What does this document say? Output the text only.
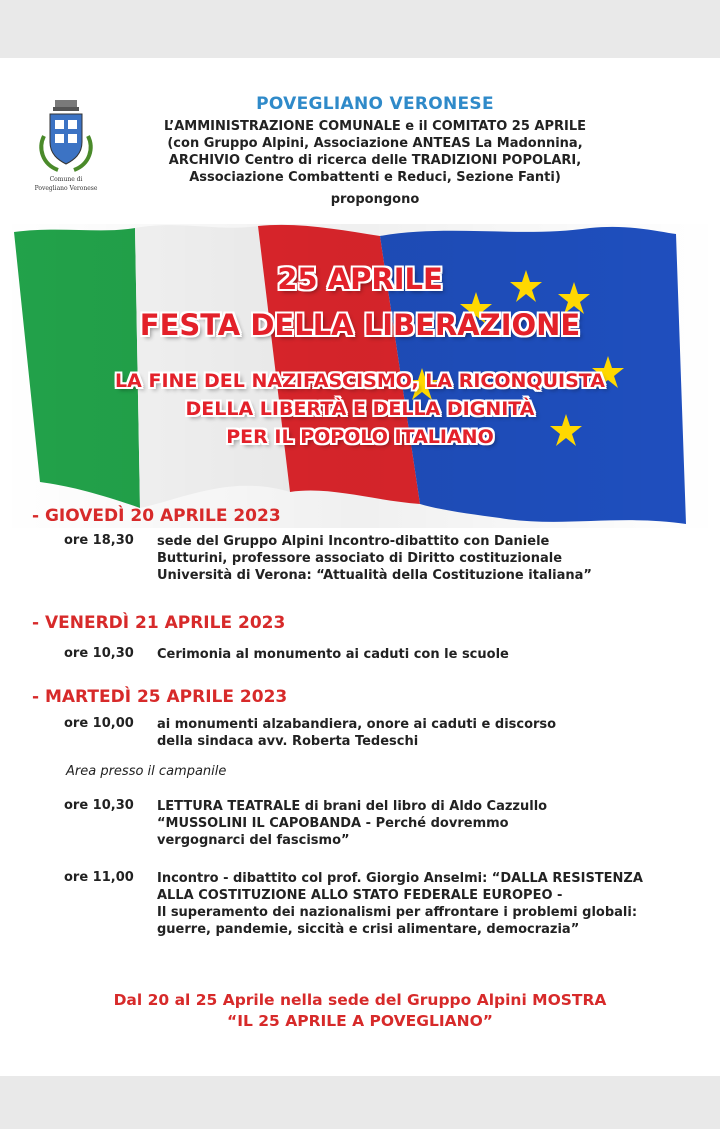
Comune di
Povegliano Veronese
POVEGLIANO VERONESE
L’AMMINISTRAZIONE COMUNALE e il COMITATO 25 APRILE
(con Gruppo Alpini, Associazione ANTEAS La Madonnina,
ARCHIVIO Centro di ricerca delle TRADIZIONI POPOLARI,
Associazione Combattenti e Reduci, Sezione Fanti)
propongono
25 APRILE
FESTA DELLA LIBERAZIONE
LA FINE DEL NAZIFASCISMO, LA RICONQUISTA
DELLA LIBERTÀ E DELLA DIGNITÀ
PER IL POPOLO ITALIANO
- GIOVEDÌ 20 APRILE 2023
ore 18,30 sede del Gruppo Alpini Incontro-dibattito con Daniele
Butturini, professore associato di Diritto costituzionale
Università di Verona: “Attualità della Costituzione italiana”
- VENERDÌ 21 APRILE 2023
ore 10,30 Cerimonia al monumento ai caduti con le scuole
- MARTEDÌ 25 APRILE 2023
ore 10,00 ai monumenti alzabandiera, onore ai caduti e discorso
della sindaca avv. Roberta Tedeschi
Area presso il campanile
ore 10,30 LETTURA TEATRALE di brani del libro di Aldo Cazzullo
“MUSSOLINI IL CAPOBANDA - Perché dovremmo
vergognarci del fascismo”
ore 11,00 Incontro - dibattito col prof. Giorgio Anselmi: “DALLA RESISTENZA
ALLA COSTITUZIONE ALLO STATO FEDERALE EUROPEO -
Il superamento dei nazionalismi per affrontare i problemi globali:
guerre, pandemie, siccità e crisi alimentare, democrazia”
Dal 20 al 25 Aprile nella sede del Gruppo Alpini MOSTRA
“IL 25 APRILE A POVEGLIANO”
